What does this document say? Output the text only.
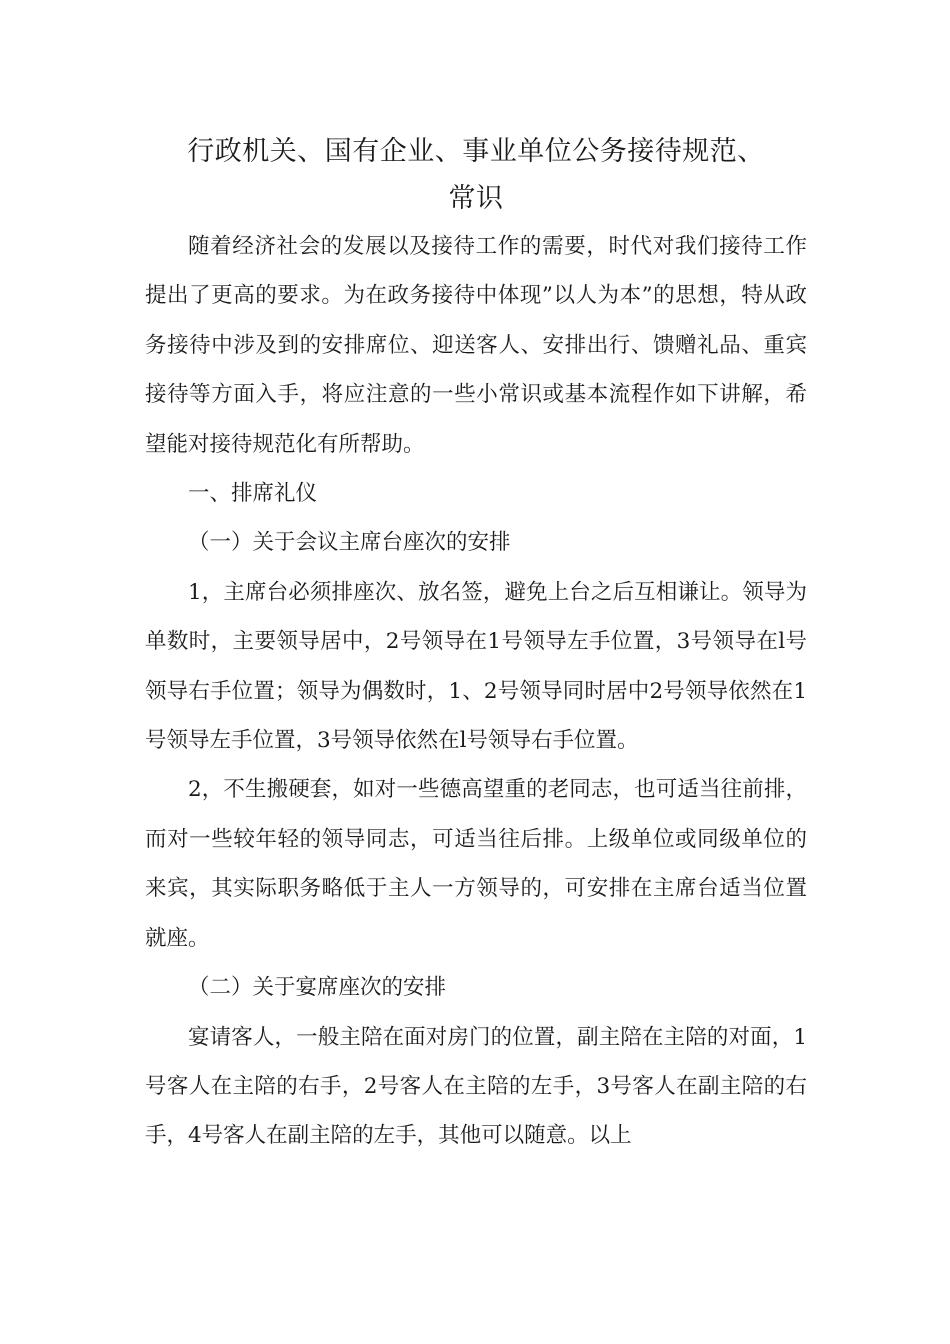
行政机关、国有企业、事业单位公务接待规范、
常识
随着经济社会的发展以及接待工作的需要，时代对我们接待工作提出了更高的要求。为在政务接待中体现”以人为本”的思想，特从政务接待中涉及到的安排席位、迎送客人、安排出行、馈赠礼品、重宾接待等方面入手，将应注意的一些小常识或基本流程作如下讲解，希望能对接待规范化有所帮助。
一、排席礼仪
（一）关于会议主席台座次的安排
1，主席台必须排座次、放名签，避免上台之后互相谦让。领导为单数时，主要领导居中，2号领导在1号领导左手位置，3号领导在l号领导右手位置；领导为偶数时，1、2号领导同时居中2号领导依然在1号领导左手位置，3号领导依然在l号领导右手位置。
2，不生搬硬套，如对一些德高望重的老同志，也可适当往前排，而对一些较年轻的领导同志，可适当往后排。上级单位或同级单位的来宾，其实际职务略低于主人一方领导的，可安排在主席台适当位置就座。
（二）关于宴席座次的安排
宴请客人，一般主陪在面对房门的位置，副主陪在主陪的对面，1号客人在主陪的右手，2号客人在主陪的左手，3号客人在副主陪的右手，4号客人在副主陪的左手，其他可以随意。以上
